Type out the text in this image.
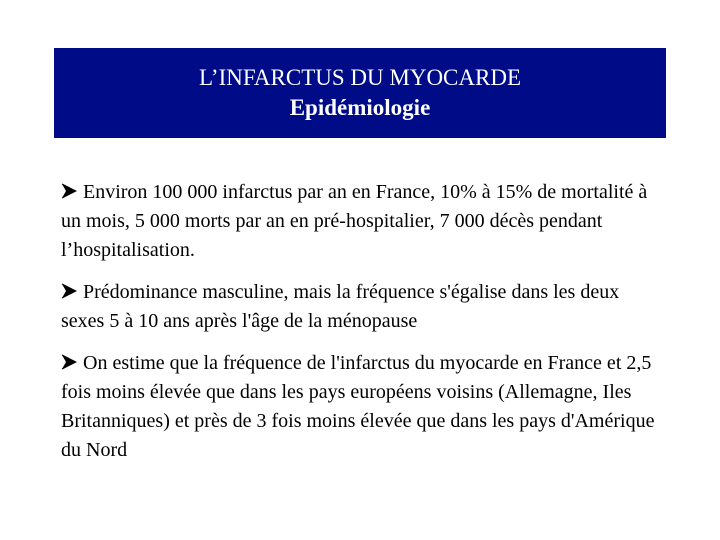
L’INFARCTUS DU MYOCARDE
Epidémiologie
Environ 100 000 infarctus par an en France, 10% à 15% de mortalité à un mois, 5 000 morts par an en pré-hospitalier, 7 000 décès pendant l’hospitalisation.
Prédominance masculine, mais la fréquence s'égalise dans les deux sexes 5 à 10 ans après l'âge de la ménopause
On estime que la fréquence de l'infarctus du myocarde en France et 2,5 fois moins élevée que dans les pays européens voisins (Allemagne, Iles Britanniques) et près de 3 fois moins élevée que dans les pays d'Amérique du Nord
